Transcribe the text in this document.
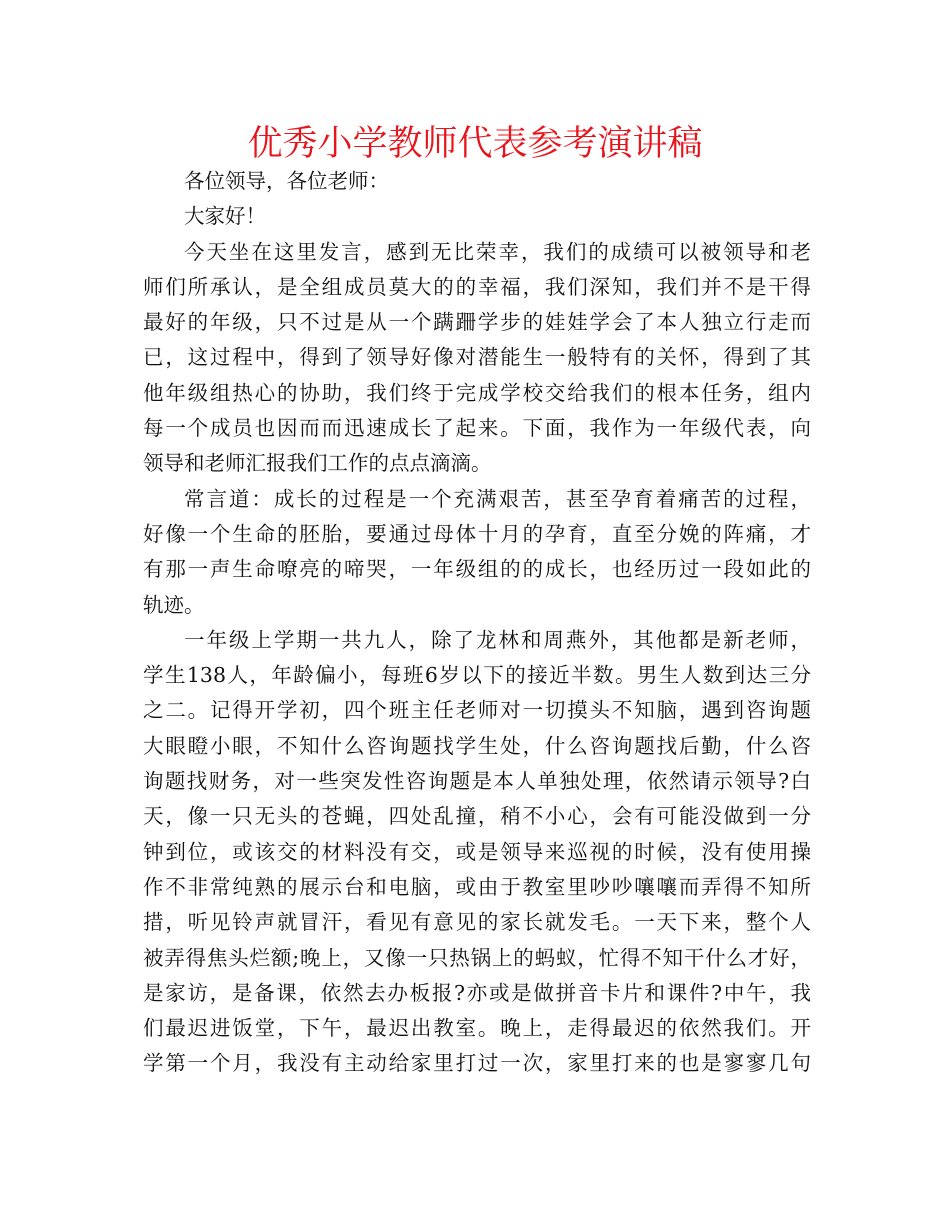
优秀小学教师代表参考演讲稿
各位领导，各位老师：
大家好！
今天坐在这里发言，感到无比荣幸，我们的成绩可以被领导和老
师们所承认，是全组成员莫大的的幸福，我们深知，我们并不是干得
最好的年级，只不过是从一个蹒跚学步的娃娃学会了本人独立行走而
已，这过程中，得到了领导好像对潜能生一般特有的关怀，得到了其
他年级组热心的协助，我们终于完成学校交给我们的根本任务，组内
每一个成员也因而而迅速成长了起来。下面，我作为一年级代表，向
领导和老师汇报我们工作的点点滴滴。
常言道：成长的过程是一个充满艰苦，甚至孕育着痛苦的过程，
好像一个生命的胚胎，要通过母体十月的孕育，直至分娩的阵痛，才
有那一声生命嘹亮的啼哭，一年级组的的成长，也经历过一段如此的
轨迹。
一年级上学期一共九人，除了龙林和周燕外，其他都是新老师，
学生138人，年龄偏小，每班6岁以下的接近半数。男生人数到达三分
之二。记得开学初，四个班主任老师对一切摸头不知脑，遇到咨询题
大眼瞪小眼，不知什么咨询题找学生处，什么咨询题找后勤，什么咨
询题找财务，对一些突发性咨询题是本人单独处理，依然请示领导?白
天，像一只无头的苍蝇，四处乱撞，稍不小心，会有可能没做到一分
钟到位，或该交的材料没有交，或是领导来巡视的时候，没有使用操
作不非常纯熟的展示台和电脑，或由于教室里吵吵嚷嚷而弄得不知所
措，听见铃声就冒汗，看见有意见的家长就发毛。一天下来，整个人
被弄得焦头烂额;晚上，又像一只热锅上的蚂蚁，忙得不知干什么才好，
是家访，是备课，依然去办板报?亦或是做拼音卡片和课件?中午，我
们最迟进饭堂，下午，最迟出教室。晚上，走得最迟的依然我们。开
学第一个月，我没有主动给家里打过一次，家里打来的也是寥寥几句
